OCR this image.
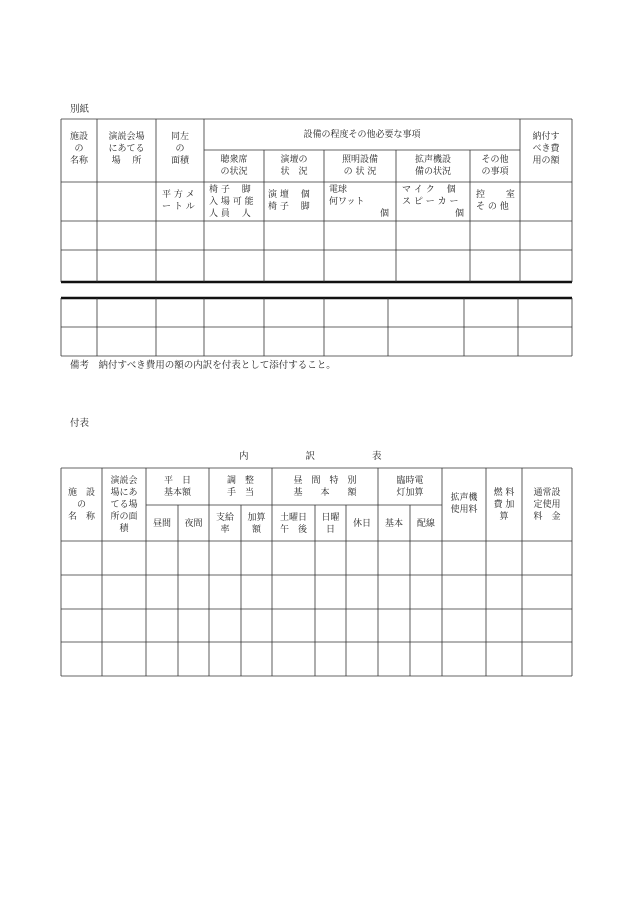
別紙
施設
の
名称
演説会場
にあてる
場　 所
同左
の
面積
設備の程度その他必要な事項
聴衆席
の状況
演壇の
状　況
照明設備
の 状 況
拡声機設
備の状況
その他
の事項
納付す
べき費
用の額
平 方 メ
ー ト ル
椅 子 　脚
入 場 可 能
人 員 　人
演 壇 　個
椅 子 　脚
電球
何ワット
個
マ イ ク 　個
ス ピ ー カ ー
個
控 　　室
そ の 他
備考　納付すべき費用の額の内訳を付表として添付すること。
付表
内　　　　　　訳　　　　　　表
施　設
の
名　称
演説会
場にあ
てる場
所の面
積
平　日
基本額
昼間	夜間
調　整
手　当
支給
率
加算
額
昼　間　特　別
基　　本　　額
土曜日
午　後
日曜
日
休日
臨時電
灯加算
基本	配線
拡声機
使用料
燃 料
費 加
算
通常設
定使用
料　金
